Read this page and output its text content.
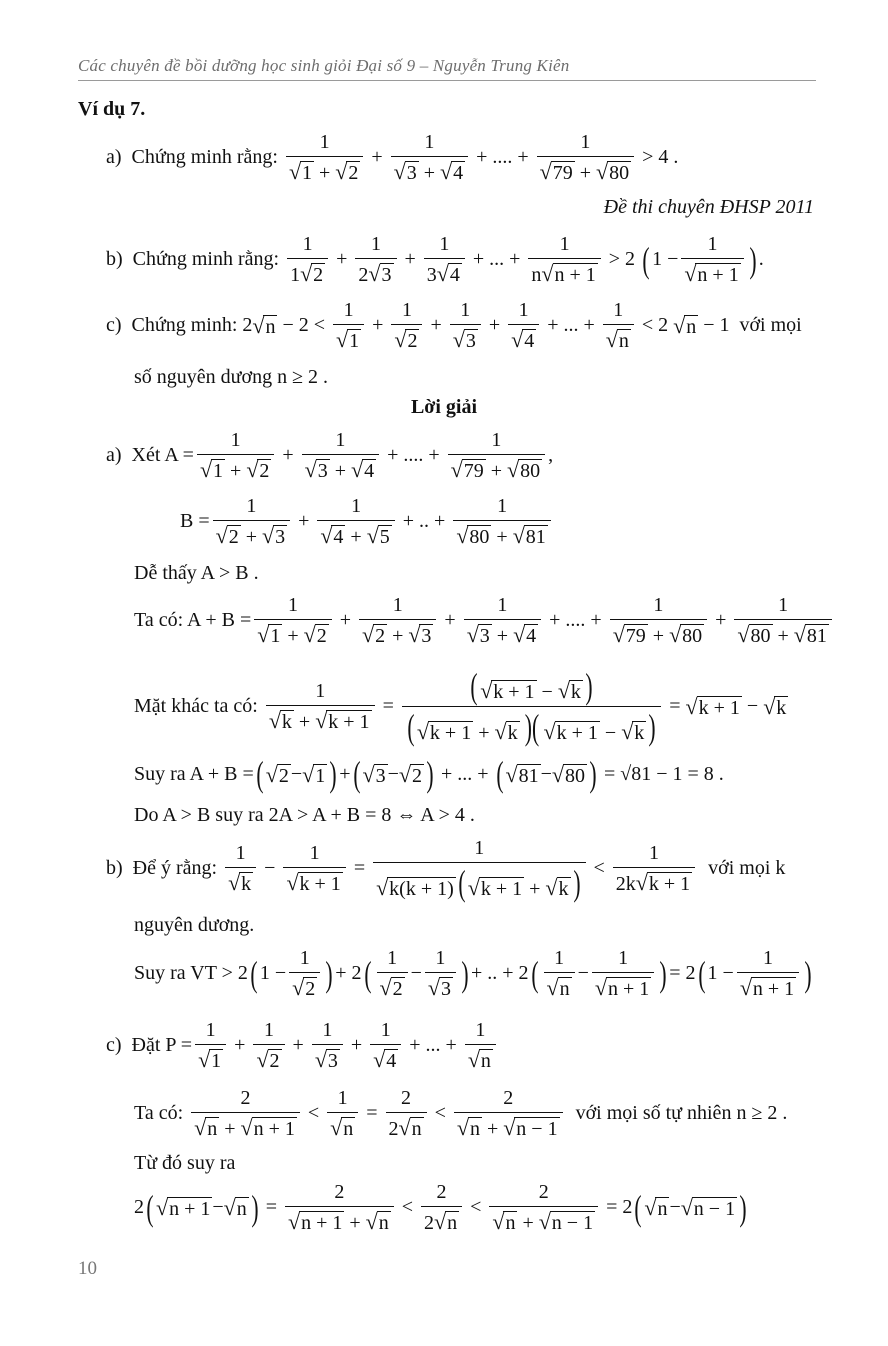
Các chuyên đề bồi dưỡng học sinh giỏi Đại số 9 – Nguyễn Trung Kiên
Ví dụ 7.
a)
Chứng minh rằng:
$\frac{1}{√ 1 + √ 2} + \frac{1}{√ 3 + √ 4}$ + .... + $\frac{1}{√ 79 + √ 80}$
> 4 .
Đề thi chuyên ĐHSP 2011
b)
Chứng minh rằng:
$\frac{1}{1 √ 2} + \frac{1}{2 √ 3} + \frac{1}{3 √ 4}$ + ... + $\frac{1}{n √ n + 1} > 2$ ( $1 - \frac{1}{√ n + 1}$ ) .
c)
Chứng minh:
2 √ $n - 2 < \frac{1}{√ 1} + \frac{1}{√ 2} + \frac{1}{√ 3} + \frac{1}{√ 4}$ + ... + $\frac{1}{√ n} < 2$ √ n − 1
với mọi
số nguyên dương n ≥ 2 .
Lời giải
a)
Xét $A = \frac{1}{√ 1 + √ 2} + \frac{1}{√ 3 + √ 4}$ + .... + $\frac{1}{√ 79 + √ 80}$ ,
$B = \frac{1}{√ 2 + √ 3} + \frac{1}{√ 4 + √ 5}$ + .. + $\frac{1}{√ 80 + √ 81}$
Dễ thấy A > B .
Ta có: $A + B = \frac{1}{√ 1 + √ 2} + \frac{1}{√ 2 + √ 3} + \frac{1}{√ 3 + √ 4}$ + .... + $\frac{1}{√ 79 + √ 80} + \frac{1}{√ 80 + √ 81}$
Mặt khác ta có:
$\frac{1}{√ k + √ k + 1} = \frac{( √ k + 1 - √ k )}{( √ k + 1 + √ k )( √ k + 1 - √ k )}$ = √ k + 1 − √ k
Suy ra A + B = ( √ 2 − √ 1 ) + ( √ 3 − √ 2 ) + ... + ( √ 81 − √ 80 )
= √81 − 1 = 8 .
Do A > B suy ra 2A > A + B = 8 ⇔ A > 4 .
b)
Để ý rằng:
$\frac{1}{√ k} - \frac{1}{√ k + 1} = \frac{1}{√ k(k + 1) ( √ k + 1 + √ k )} < \frac{1}{2k √ k + 1}$
với mọi k
nguyên dương.
Suy ra VT > 2 ( $1 - \frac{1}{√ 2}$ ) + 2 ( $\frac{1}{√ 2} - \frac{1}{√ 3}$ ) + .. + 2 ( $\frac{1}{√ n} - \frac{1}{√ n + 1}$ ) = 2 ( $1 - \frac{1}{√ n + 1}$ )
c)
Đặt $P = \frac{1}{√ 1} + \frac{1}{√ 2} + \frac{1}{√ 3} + \frac{1}{√ 4}$ + ... + $\frac{1}{√ n}$
Ta có:
$\frac{2}{√ n + √ n + 1} < \frac{1}{√ n} = \frac{2}{2 √ n} < \frac{2}{√ n + √ n - 1}$
với mọi số tự nhiên n ≥ 2 .
Từ đó suy ra
2 ( √ n + 1 − √ n ) = $\frac{2}{√ n + 1 + √ n} < \frac{2}{2 √ n} < \frac{2}{√ n + √ n - 1} = 2$ ( √ n − √ n − 1 )
10
